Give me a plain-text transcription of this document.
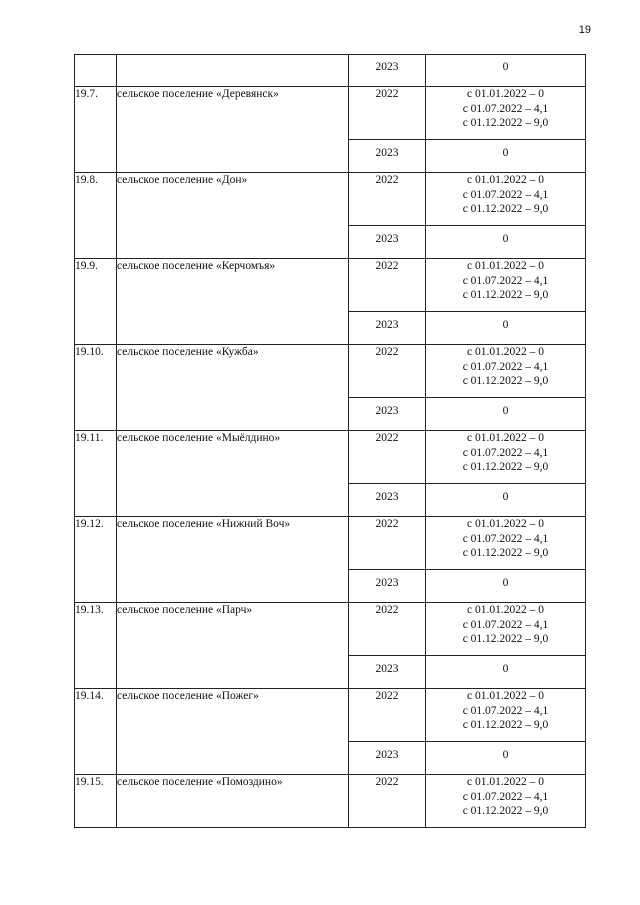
19
		2023	0
19.7.	сельское поселение «Деревянск»	2022	с 01.01.2022 – 0
с 01.07.2022 – 4,1
с 01.12.2022 – 9,0

		2023	0
19.8.	сельское поселение «Дон»	2022	с 01.01.2022 – 0
с 01.07.2022 – 4,1
с 01.12.2022 – 9,0

		2023	0
19.9.	сельское поселение «Керчомъя»	2022	с 01.01.2022 – 0
с 01.07.2022 – 4,1
с 01.12.2022 – 9,0

		2023	0
19.10.	сельское поселение «Кужба»	2022	с 01.01.2022 – 0
с 01.07.2022 – 4,1
с 01.12.2022 – 9,0

		2023	0
19.11.	сельское поселение «Мыёлдино»	2022	с 01.01.2022 – 0
с 01.07.2022 – 4,1
с 01.12.2022 – 9,0

		2023	0
19.12.	сельское поселение «Нижний Воч»	2022	с 01.01.2022 – 0
с 01.07.2022 – 4,1
с 01.12.2022 – 9,0

		2023	0
19.13.	сельское поселение «Парч»	2022	с 01.01.2022 – 0
с 01.07.2022 – 4,1
с 01.12.2022 – 9,0

		2023	0
19.14.	сельское поселение «Пожег»	2022	с 01.01.2022 – 0
с 01.07.2022 – 4,1
с 01.12.2022 – 9,0

		2023	0
19.15.	сельское поселение «Помоздино»	2022	с 01.01.2022 – 0
с 01.07.2022 – 4,1
с 01.12.2022 – 9,0
